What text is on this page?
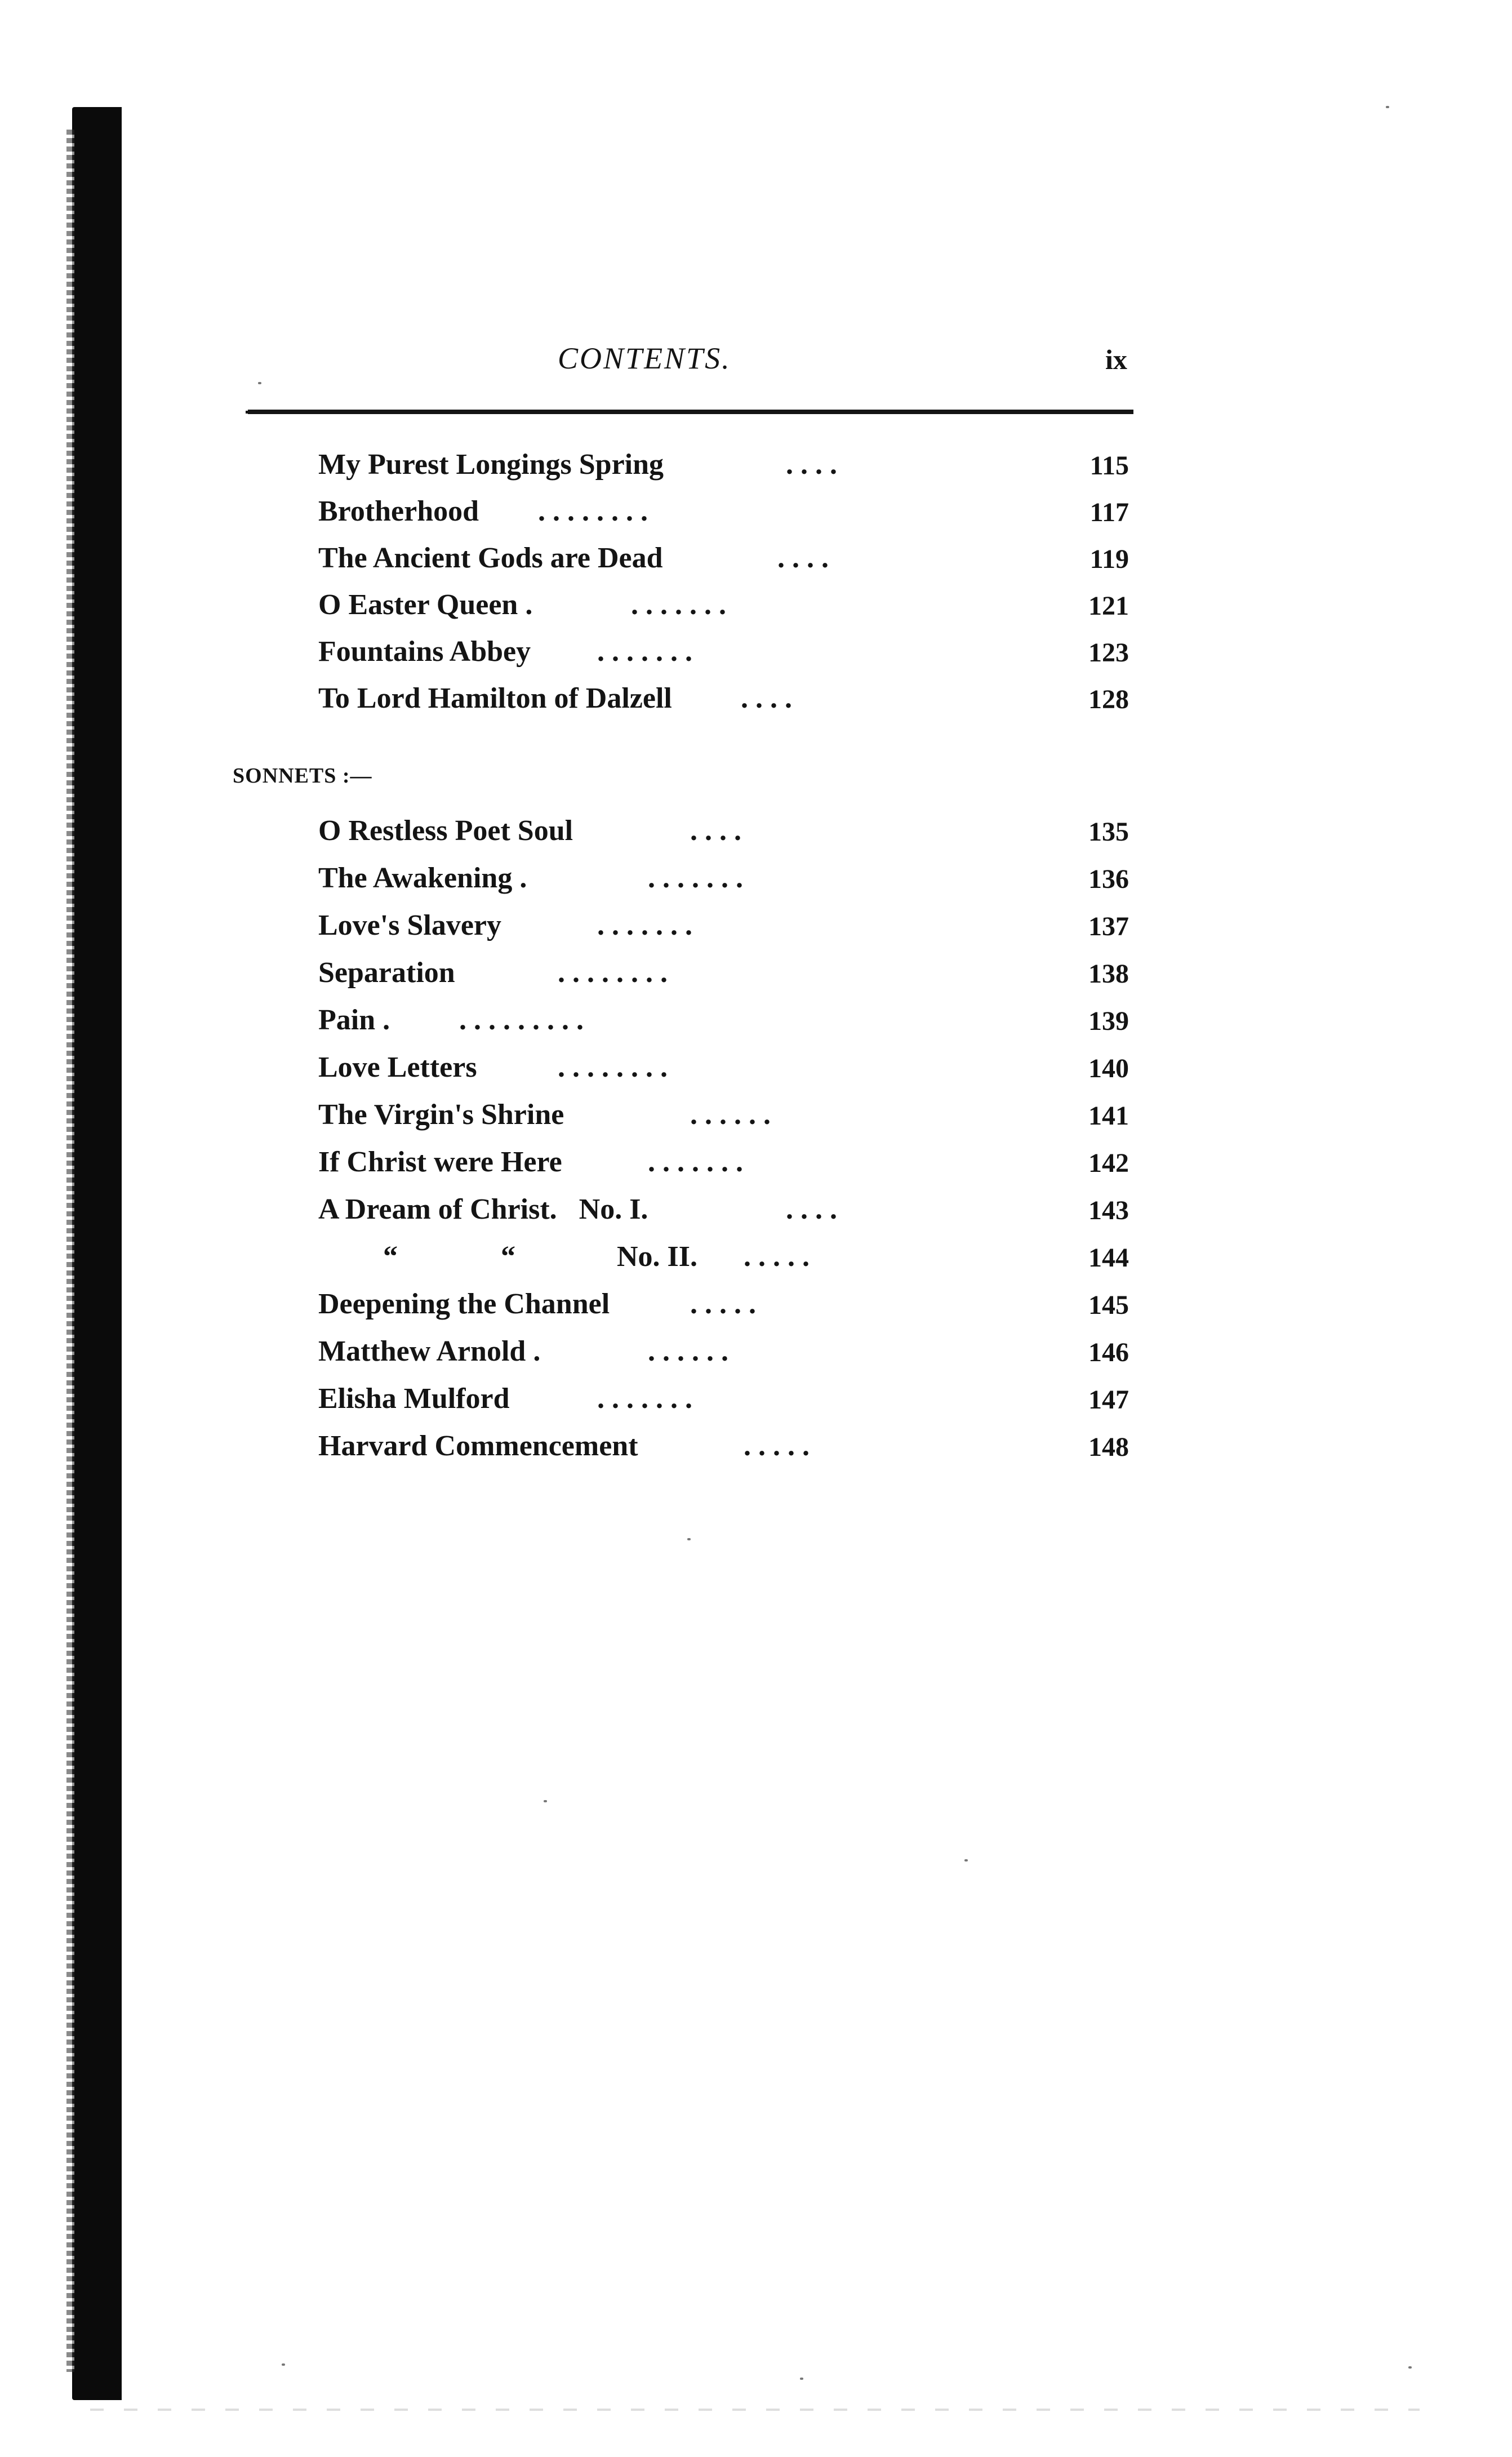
CONTENTS.	ix
My Purest Longings Spring	. . . .	115
Brotherhood . . . . . . . .	117
The Ancient Gods are Dead	. . . .	119
O Easter Queen .	. . . . . . .	121
Fountains Abbey . . . . . . .	123
To Lord Hamilton of Dalzell . . . .	128
SONNETS :—
O Restless Poet Soul	. . . .	135
The Awakening .	. . . . . . .	136
Love's Slavery	. . . . . . .	137
Separation	. . . . . . . .	138
Pain . . . . . . . . . .	139
Love Letters	. . . . . . . .	140
The Virgin's Shrine	. . . . . .	141
If Christ were Here	. . . . . . .	142
A Dream of Christ.   No. I.	. . . .	143
“ “	No. II. . . . . .	144
Deepening the Channel	. . . . .	145
Matthew Arnold .	. . . . . .	146
Elisha Mulford	. . . . . . .	147
Harvard Commencement	. . . . .	148
